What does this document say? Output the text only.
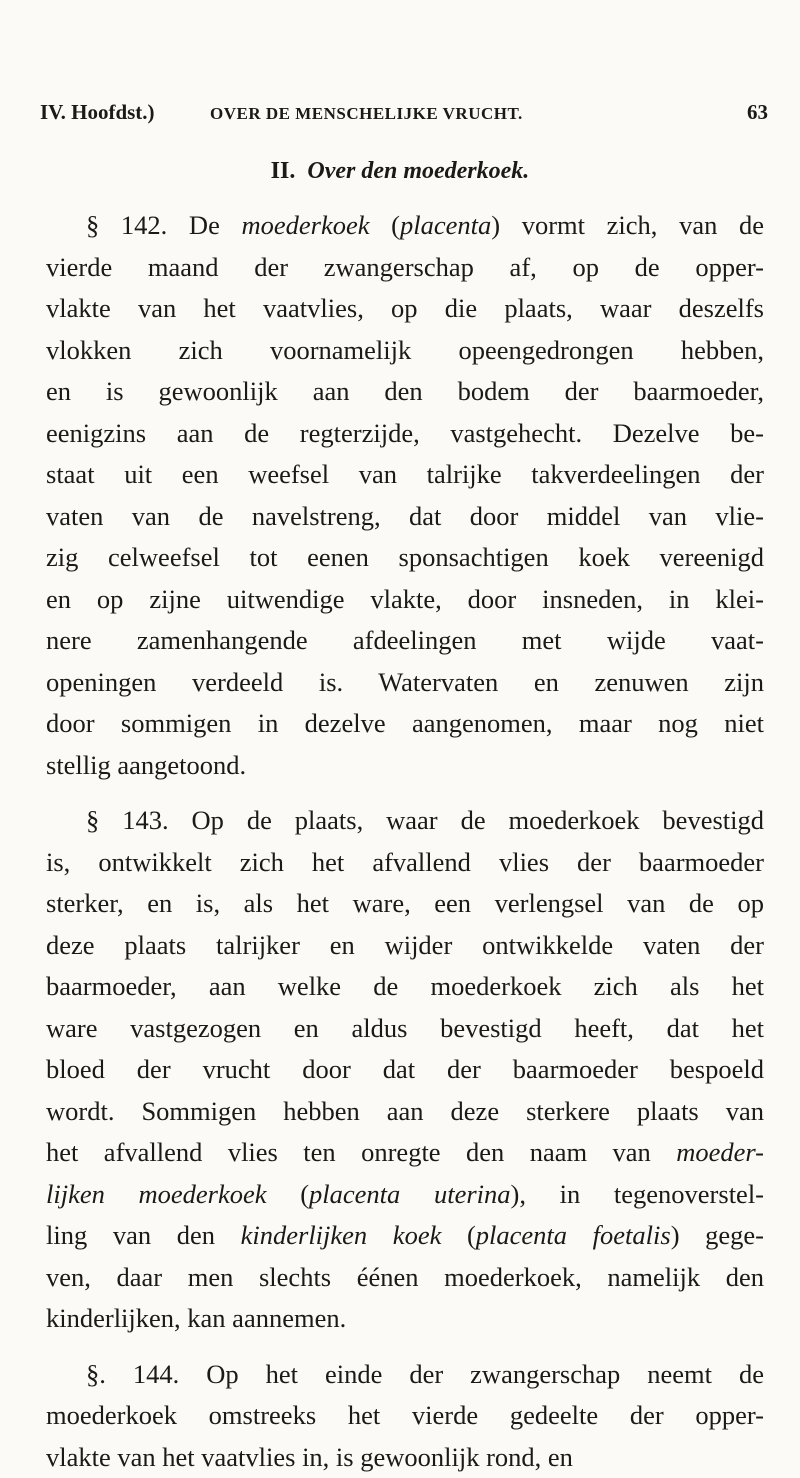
IV. Hoofdst.)	OVER DE MENSCHELIJKE VRUCHT.	63
II. Over den moederkoek.
§ 142. De moederkoek (placenta) vormt zich, van de
vierde maand der zwangerschap af, op de opper-
vlakte van het vaatvlies, op die plaats, waar deszelfs
vlokken zich voornamelijk opeengedrongen hebben,
en is gewoonlijk aan den bodem der baarmoeder,
eenigzins aan de regterzijde, vastgehecht. Dezelve be-
staat uit een weefsel van talrijke takverdeelingen der
vaten van de navelstreng, dat door middel van vlie-
zig celweefsel tot eenen sponsachtigen koek vereenigd
en op zijne uitwendige vlakte, door insneden, in klei-
nere zamenhangende afdeelingen met wijde vaat-
openingen verdeeld is. Watervaten en zenuwen zijn
door sommigen in dezelve aangenomen, maar nog niet
stellig aangetoond.
§ 143. Op de plaats, waar de moederkoek bevestigd
is, ontwikkelt zich het afvallend vlies der baarmoeder
sterker, en is, als het ware, een verlengsel van de op
deze plaats talrijker en wijder ontwikkelde vaten der
baarmoeder, aan welke de moederkoek zich als het
ware vastgezogen en aldus bevestigd heeft, dat het
bloed der vrucht door dat der baarmoeder bespoeld
wordt. Sommigen hebben aan deze sterkere plaats van
het afvallend vlies ten onregte den naam van moeder-
lijken moederkoek (placenta uterina), in tegenoverstel-
ling van den kinderlijken koek (placenta foetalis) gege-
ven, daar men slechts éénen moederkoek, namelijk den
kinderlijken, kan aannemen.
§. 144. Op het einde der zwangerschap neemt de
moederkoek omstreeks het vierde gedeelte der opper-
vlakte van het vaatvlies in, is gewoonlijk rond, en
